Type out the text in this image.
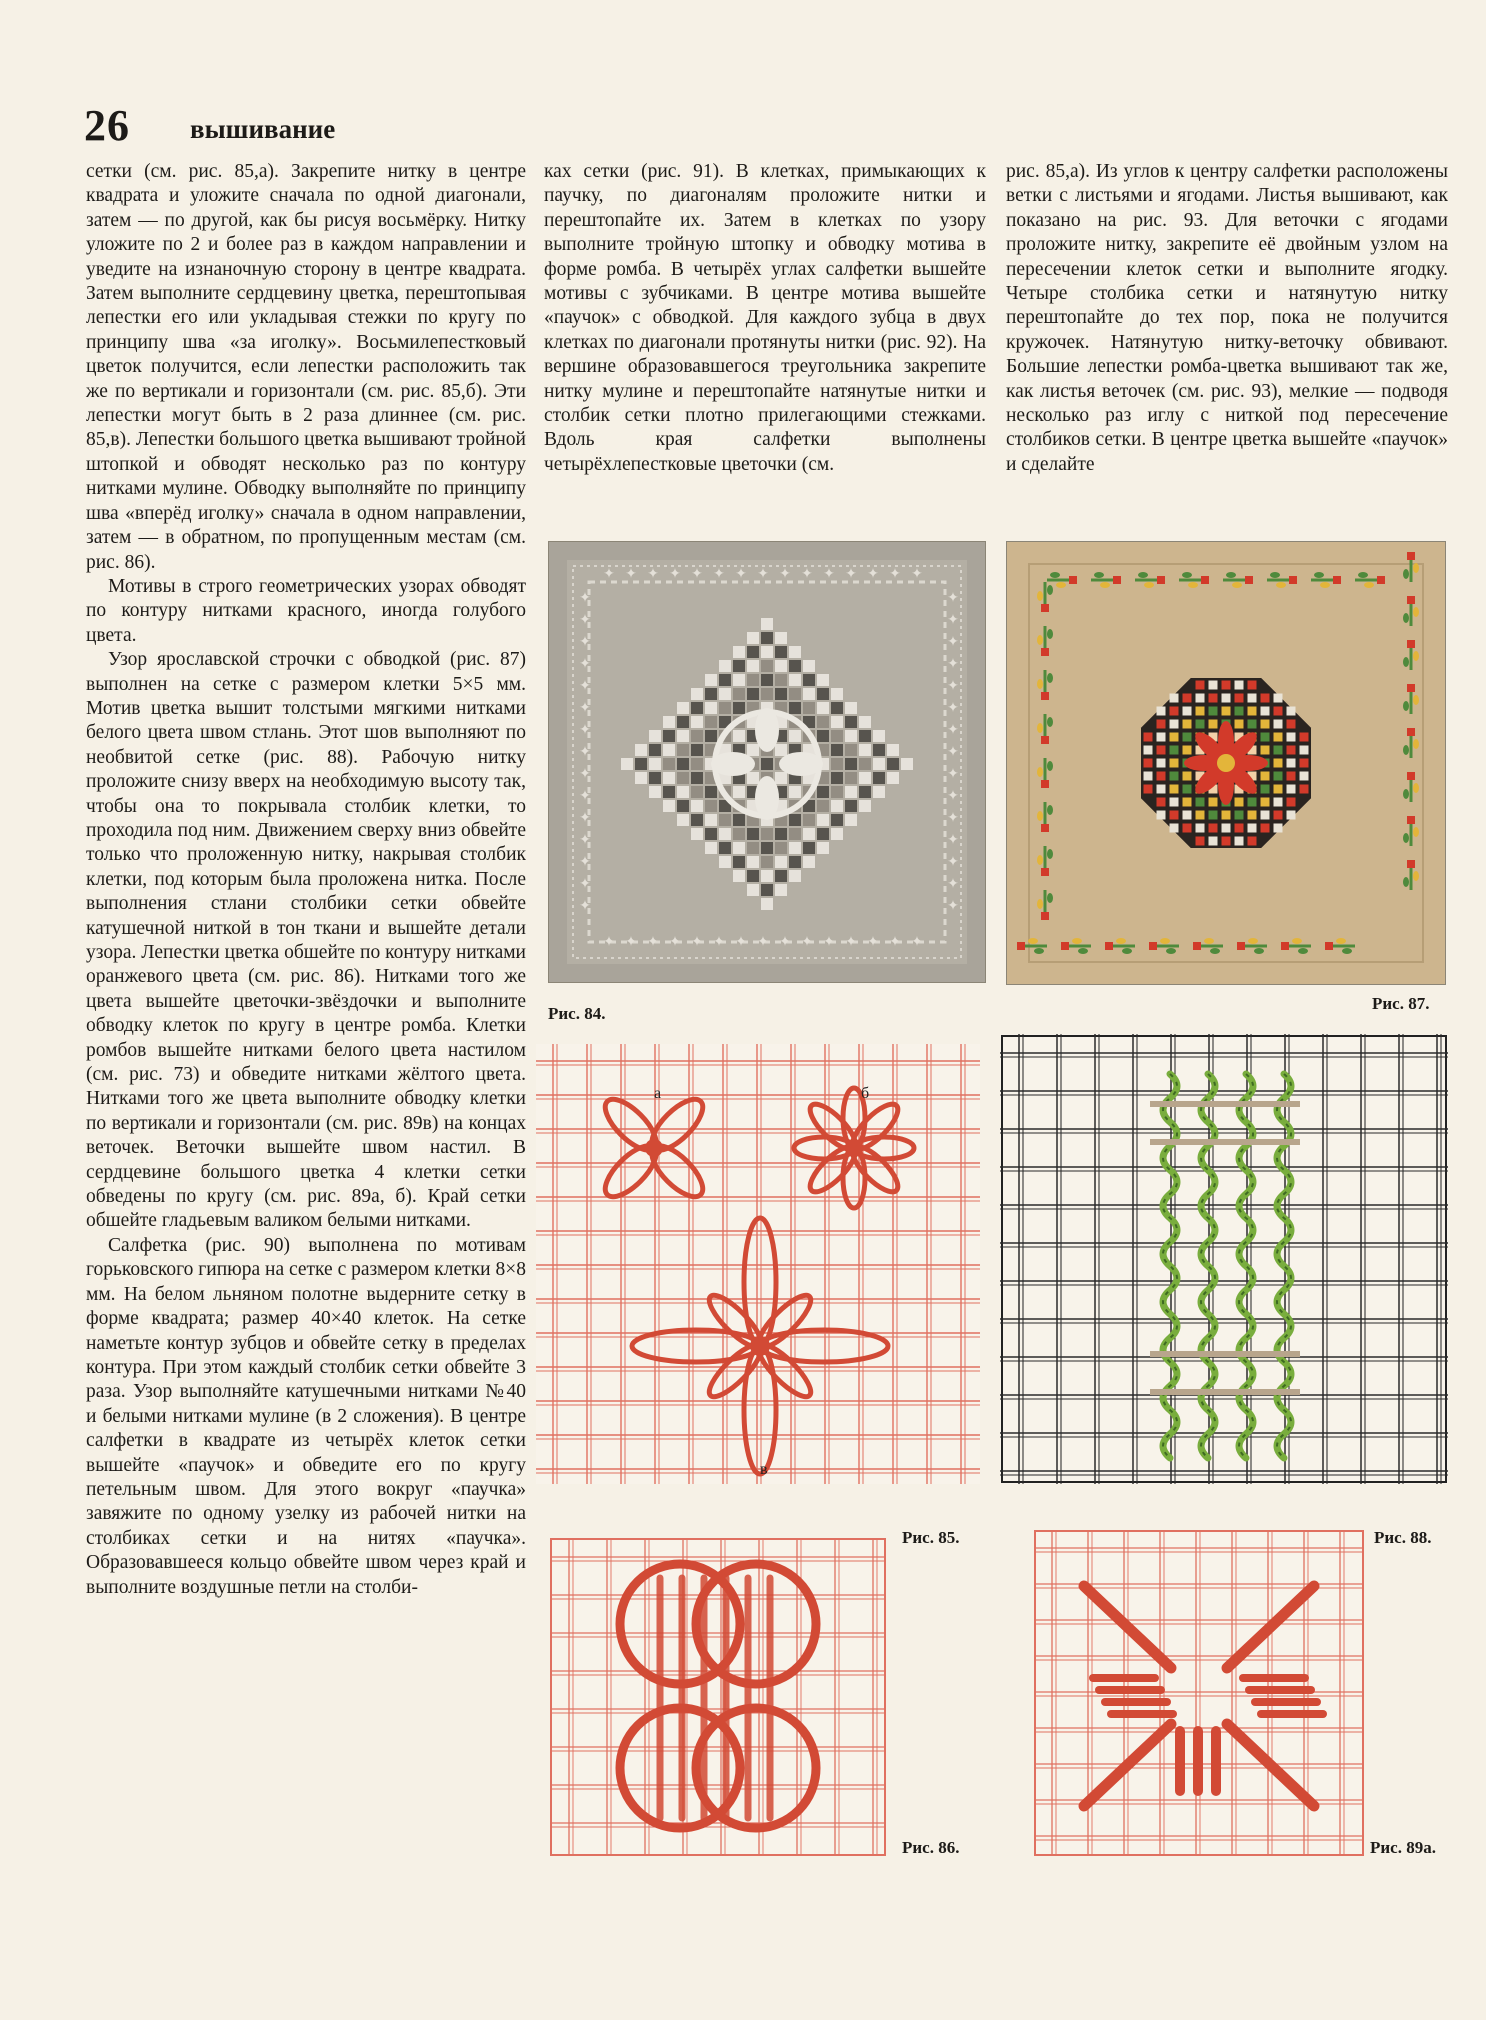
26 вышивание

сетки (см. рис. 85,а). Закрепите нитку в центре квадрата и уложите сначала по одной диагонали, затем — по другой, как бы рисуя восьмёрку. Нитку уложите по 2 и более раз в каждом направлении и уведите на изнаночную сторону в центре квадрата. Затем выполните сердцевину цветка, перештопывая лепестки его или укладывая стежки по кругу по принципу шва «за иголку». Восьмилепестковый цветок получится, если лепестки расположить так же по вертикали и горизонтали (см. рис. 85,б). Эти лепестки могут быть в 2 раза длиннее (см. рис. 85,в). Лепестки большого цветка вышивают тройной штопкой и обводят несколько раз по контуру нитками мулине. Обводку выполняйте по принципу шва «вперёд иголку» сначала в одном направлении, затем — в обратном, по пропущенным местам (см. рис. 86).

Мотивы в строго геометрических узорах обводят по контуру нитками красного, иногда голубого цвета.

Узор ярославской строчки с обводкой (рис. 87) выполнен на сетке с размером клетки 5×5 мм. Мотив цветка вышит толстыми мягкими нитками белого цвета швом стлань. Этот шов выполняют по необвитой сетке (рис. 88). Рабочую нитку проложите снизу вверх на необходимую высоту так, чтобы она то покрывала столбик клетки, то проходила под ним. Движением сверху вниз обвейте только что проложенную нитку, накрывая столбик клетки, под которым была проложена нитка. После выполнения стлани столбики сетки обвейте катушечной ниткой в тон ткани и вышейте детали узора. Лепестки цветка обшейте по контуру нитками оранжевого цвета (см. рис. 86). Нитками того же цвета вышейте цветочки-звёздочки и выполните обводку клеток по кругу в центре ромба. Клетки ромбов вышейте нитками белого цвета настилом (см. рис. 73) и обведите нитками жёлтого цвета. Нитками того же цвета выполните обводку клетки по вертикали и горизонтали (см. рис. 89в) на концах веточек. Веточки вышейте швом настил. В сердцевине большого цветка 4 клетки сетки обведены по кругу (см. рис. 89а, б). Край сетки обшейте гладьевым валиком белыми нитками.

Салфетка (рис. 90) выполнена по мотивам горьковского гипюра на сетке с размером клетки 8×8 мм. На белом льняном полотне выдерните сетку в форме квадрата; размер 40×40 клеток. На сетке наметьте контур зубцов и обвейте сетку в пределах контура. При этом каждый столбик сетки обвейте 3 раза. Узор выполняйте катушечными нитками №40 и белыми нитками мулине (в 2 сложения). В центре салфетки в квадрате из четырёх клеток сетки вышейте «паучок» и обведите его по кругу петельным швом. Для этого вокруг «паучка» завяжите по одному узелку из рабочей нитки на столбиках сетки и на нитях «паучка». Образовавшееся кольцо обвейте швом через край и выполните воздушные петли на столби-

ках сетки (рис. 91). В клетках, примыкающих к паучку, по диагоналям проложите нитки и перештопайте их. Затем в клетках по узору выполните тройную штопку и обводку мотива в форме ромба. В четырёх углах салфетки вышейте мотивы с зубчиками. В центре мотива вышейте «паучок» с обводкой. Для каждого зубца в двух клетках по диагонали протянуты нитки (рис. 92). На вершине образовавшегося треугольника закрепите нитку мулине и перештопайте натянутые нитки и столбик сетки плотно прилегающими стежками. Вдоль края салфетки выполнены четырёхлепестковые цветочки (см.

рис. 85,а). Из углов к центру салфетки расположены ветки с листьями и ягодами. Листья вышивают, как показано на рис. 93. Для веточки с ягодами проложите нитку, закрепите её двойным узлом на пересечении клеток сетки и выполните ягодку. Четыре столбика сетки и натянутую нитку перештопайте до тех пор, пока не получится кружочек. Натянутую нитку-веточку обвивают. Большие лепестки ромба-цветка вышивают так же, как листья веточек (см. рис. 93), мелкие — подводя несколько раз иглу с ниткой под пересечение столбиков сетки. В центре цветка вышейте «паучок» и сделайте

✦
✦
✦	✦
✦
✦
✦	✦
✦
✦
✦	✦
✦
✦
✦	✦
✦
✦
✦	✦
✦
✦
✦	✦
✦
✦
✦	✦
✦
✦
✦	✦
✦
✦
✦	✦
✦
✦
✦	✦
✦
✦
✦	✦
✦
✦
✦	✦
✦
✦
✦	✦
✦
✦
✦	✦
✦
✦
✦	✦
Рис. 84.
Рис. 87.
а	б
в
Рис. 85.	Рис. 88.
Рис. 86.	Рис. 89а.
